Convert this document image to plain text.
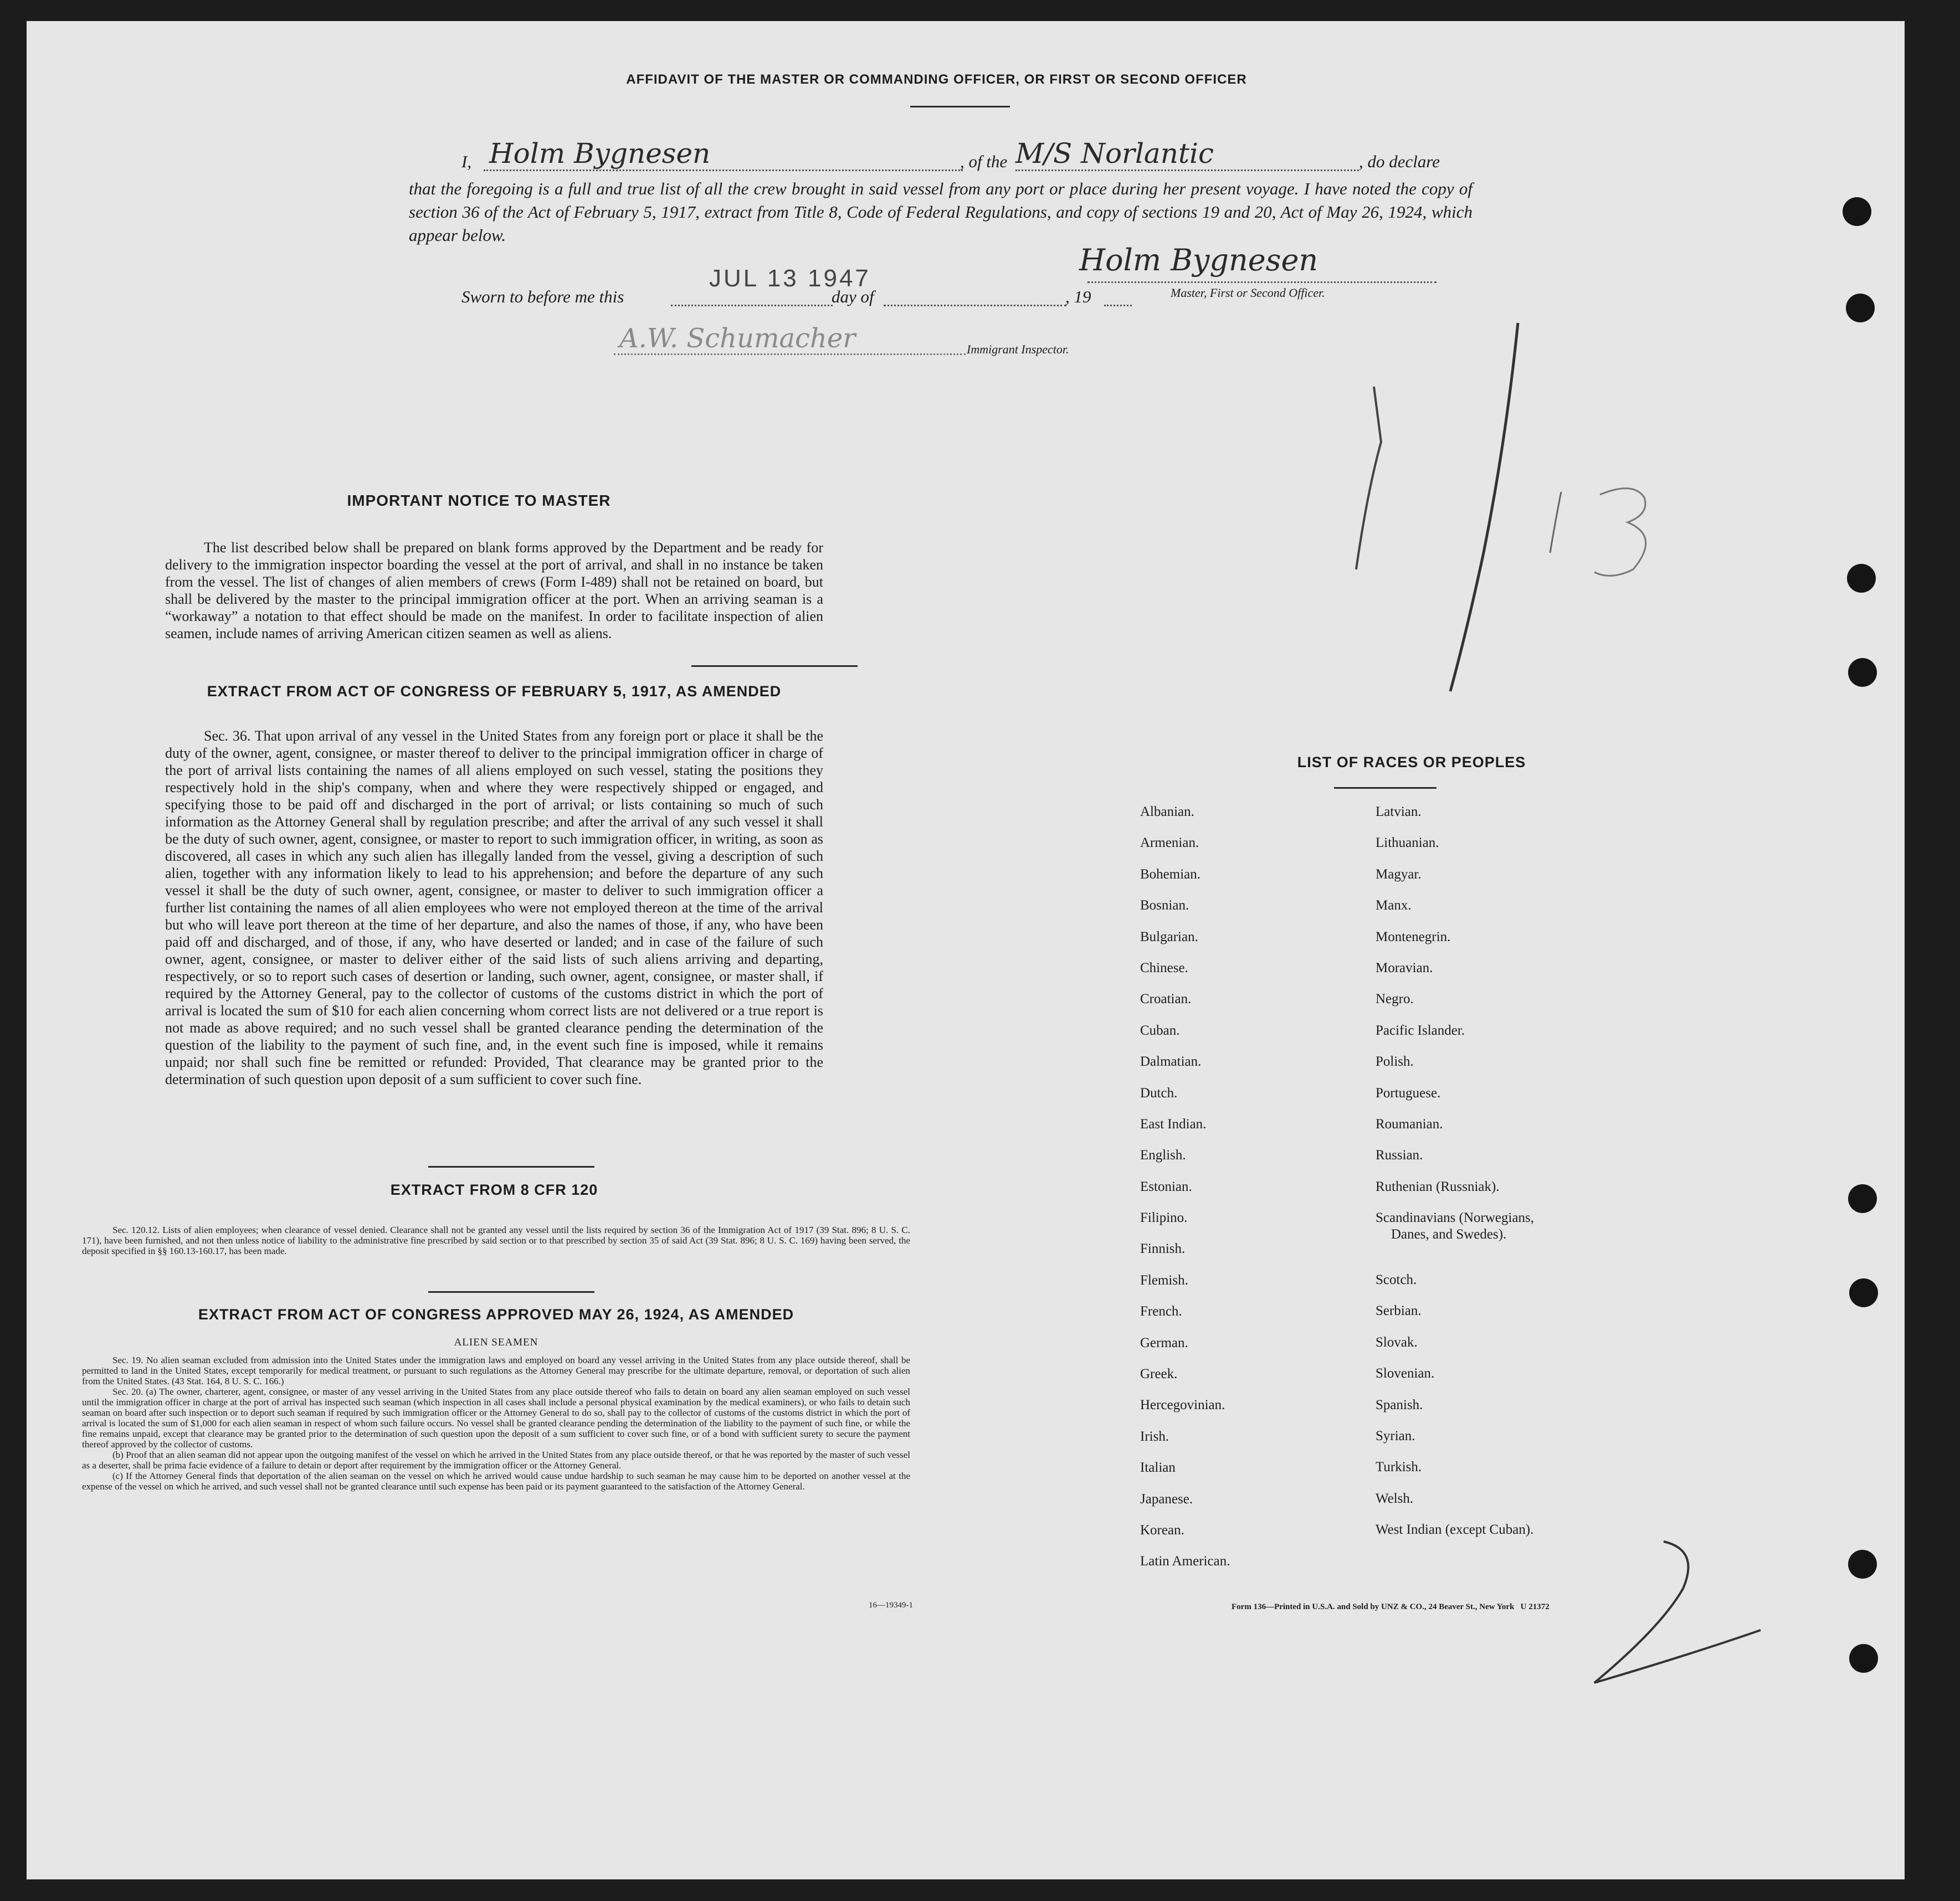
AFFIDAVIT OF THE MASTER OR COMMANDING OFFICER, OR FIRST OR SECOND OFFICER
I, Holm Bygnesen	, of the M/S Norlantic	, do declare
that the foregoing is a full and true list of all the crew brought in said vessel from any port or place during her present voyage. I have noted the copy of section 36 of the Act of February 5, 1917, extract from Title 8, Code of Federal Regulations, and copy of sections 19 and 20, Act of May 26, 1924, which appear below.
Holm Bygnesen
Master, First or Second Officer.
JUL 13 1947
Sworn to before me this	day of	, 19
A.W. Schumacher	Immigrant Inspector.
IMPORTANT NOTICE TO MASTER

The list described below shall be prepared on blank forms approved by the Department and be ready for delivery to the immigration inspector boarding the vessel at the port of arrival, and shall in no instance be taken from the vessel. The list of changes of alien members of crews (Form I-489) shall not be retained on board, but shall be delivered by the master to the principal immigration officer at the port. When an arriving seaman is a “workaway” a notation to that effect should be made on the manifest. In order to facilitate inspection of alien seamen, include names of arriving American citizen seamen as well as aliens.

EXTRACT FROM ACT OF CONGRESS OF FEBRUARY 5, 1917, AS AMENDED

Sec. 36. That upon arrival of any vessel in the United States from any foreign port or place it shall be the duty of the owner, agent, consignee, or master thereof to deliver to the principal immigration officer in charge of the port of arrival lists containing the names of all aliens employed on such vessel, stating the positions they respectively hold in the ship's company, when and where they were respectively shipped or engaged, and specifying those to be paid off and discharged in the port of arrival; or lists containing so much of such information as the Attorney General shall by regulation prescribe; and after the arrival of any such vessel it shall be the duty of such owner, agent, consignee, or master to report to such immigration officer, in writing, as soon as discovered, all cases in which any such alien has illegally landed from the vessel, giving a description of such alien, together with any information likely to lead to his apprehension; and before the departure of any such vessel it shall be the duty of such owner, agent, consignee, or master to deliver to such immigration officer a further list containing the names of all alien employees who were not employed thereon at the time of the arrival but who will leave port thereon at the time of her departure, and also the names of those, if any, who have been paid off and discharged, and of those, if any, who have deserted or landed; and in case of the failure of such owner, agent, consignee, or master to deliver either of the said lists of such aliens arriving and departing, respectively, or so to report such cases of desertion or landing, such owner, agent, consignee, or master shall, if required by the Attorney General, pay to the collector of customs of the customs district in which the port of arrival is located the sum of $10 for each alien concerning whom correct lists are not delivered or a true report is not made as above required; and no such vessel shall be granted clearance pending the determination of the question of the liability to the payment of such fine, and, in the event such fine is imposed, while it remains unpaid; nor shall such fine be remitted or refunded: Provided, That clearance may be granted prior to the determination of such question upon deposit of a sum sufficient to cover such fine.

EXTRACT FROM 8 CFR 120

Sec. 120.12. Lists of alien employees; when clearance of vessel denied. Clearance shall not be granted any vessel until the lists required by section 36 of the Immigration Act of 1917 (39 Stat. 896; 8 U. S. C. 171), have been furnished, and not then unless notice of liability to the administrative fine prescribed by said section or to that prescribed by section 35 of said Act (39 Stat. 896; 8 U. S. C. 169) having been served, the deposit specified in §§ 160.13-160.17, has been made.

EXTRACT FROM ACT OF CONGRESS APPROVED MAY 26, 1924, AS AMENDED
ALIEN SEAMEN

Sec. 19. No alien seaman excluded from admission into the United States under the immigration laws and employed on board any vessel arriving in the United States from any place outside thereof, shall be permitted to land in the United States, except temporarily for medical treatment, or pursuant to such regulations as the Attorney General may prescribe for the ultimate departure, removal, or deportation of such alien from the United States. (43 Stat. 164, 8 U. S. C. 166.)

Sec. 20. (a) The owner, charterer, agent, consignee, or master of any vessel arriving in the United States from any place outside thereof who fails to detain on board any alien seaman employed on such vessel until the immigration officer in charge at the port of arrival has inspected such seaman (which inspection in all cases shall include a personal physical examination by the medical examiners), or who fails to detain such seaman on board after such inspection or to deport such seaman if required by such immigration officer or the Attorney General to do so, shall pay to the collector of customs of the customs district in which the port of arrival is located the sum of $1,000 for each alien seaman in respect of whom such failure occurs. No vessel shall be granted clearance pending the determination of the liability to the payment of such fine, or while the fine remains unpaid, except that clearance may be granted prior to the determination of such question upon the deposit of a sum sufficient to cover such fine, or of a bond with sufficient surety to secure the payment thereof approved by the collector of customs.

(b) Proof that an alien seaman did not appear upon the outgoing manifest of the vessel on which he arrived in the United States from any place outside thereof, or that he was reported by the master of such vessel as a deserter, shall be prima facie evidence of a failure to detain or deport after requirement by the immigration officer or the Attorney General.

(c) If the Attorney General finds that deportation of the alien seaman on the vessel on which he arrived would cause undue hardship to such seaman he may cause him to be deported on another vessel at the expense of the vessel on which he arrived, and such vessel shall not be granted clearance until such expense has been paid or its payment guaranteed to the satisfaction of the Attorney General.

16—19349-1
LIST OF RACES OR PEOPLES
Albanian.
Armenian.
Bohemian.
Bosnian.
Bulgarian.
Chinese.
Croatian.
Cuban.
Dalmatian.
Dutch.
East Indian.
English.
Estonian.
Filipino.
Finnish.
Flemish.
French.
German.
Greek.
Hercegovinian.
Irish.
Italian
Japanese.
Korean.
Latin American.
Latvian.
Lithuanian.
Magyar.
Manx.
Montenegrin.
Moravian.
Negro.
Pacific Islander.
Polish.
Portuguese.
Roumanian.
Russian.
Ruthenian (Russniak).
Scandinavians (Norwegians,
Danes, and Swedes).
Scotch.
Serbian.
Slovak.
Slovenian.
Spanish.
Syrian.
Turkish.
Welsh.
West Indian (except Cuban).
Form 136—Printed in U.S.A. and Sold by UNZ & CO., 24 Beaver St., New York   U 21372
